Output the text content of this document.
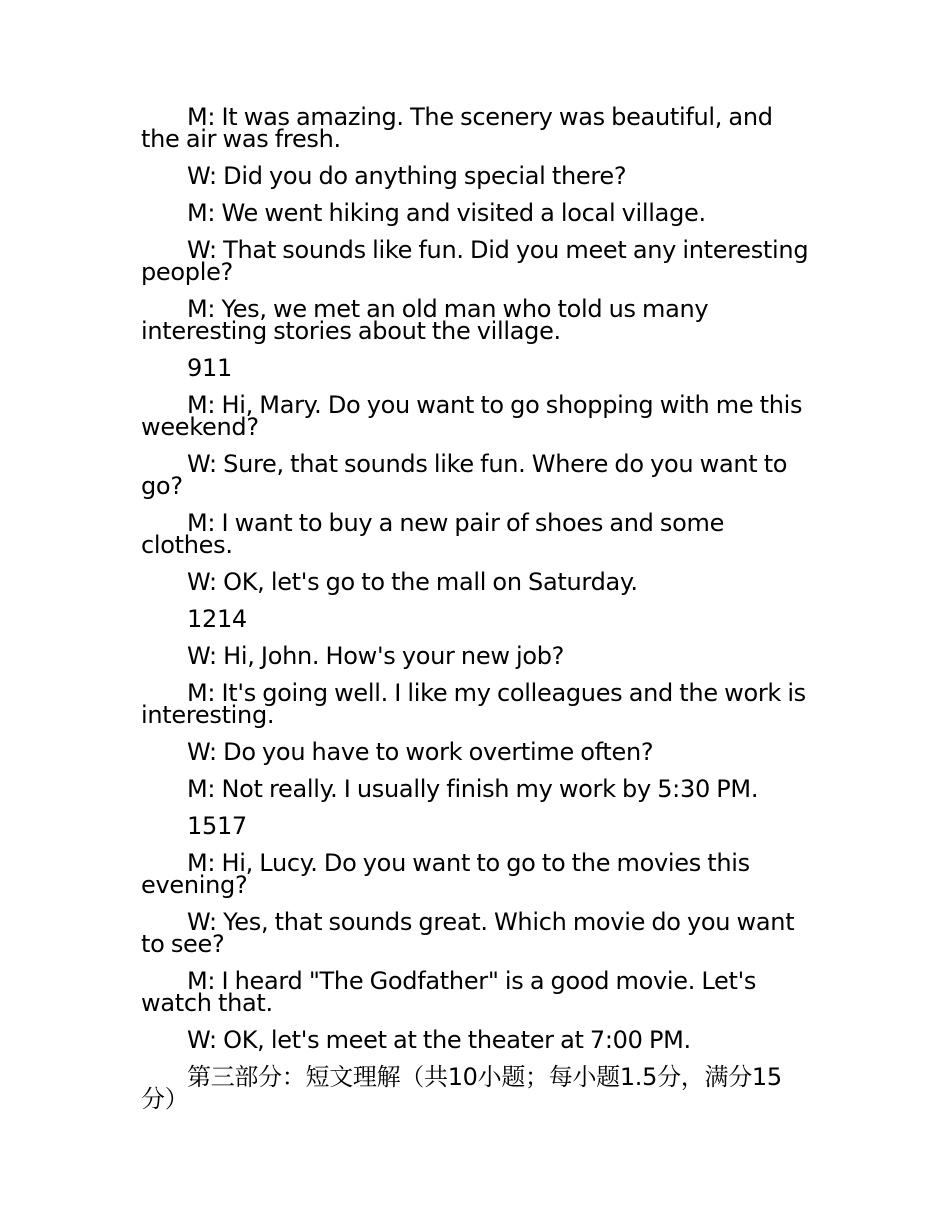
M: It was amazing. The scenery was beautiful, and the air was fresh.

W: Did you do anything special there?

M: We went hiking and visited a local village.

W: That sounds like fun. Did you meet any interesting people?

M: Yes, we met an old man who told us many interesting stories about the village.

911

M: Hi, Mary. Do you want to go shopping with me this weekend?

W: Sure, that sounds like fun. Where do you want to go?

M: I want to buy a new pair of shoes and some clothes.

W: OK, let's go to the mall on Saturday.

1214

W: Hi, John. How's your new job?

M: It's going well. I like my colleagues and the work is interesting.

W: Do you have to work overtime often?

M: Not really. I usually finish my work by 5:30 PM.

1517

M: Hi, Lucy. Do you want to go to the movies this evening?

W: Yes, that sounds great. Which movie do you want to see?

M: I heard "The Godfather" is a good movie. Let's watch that.

W: OK, let's meet at the theater at 7:00 PM.

第三部分：短文理解（共10小题；每小题1.5分，满分15分）
